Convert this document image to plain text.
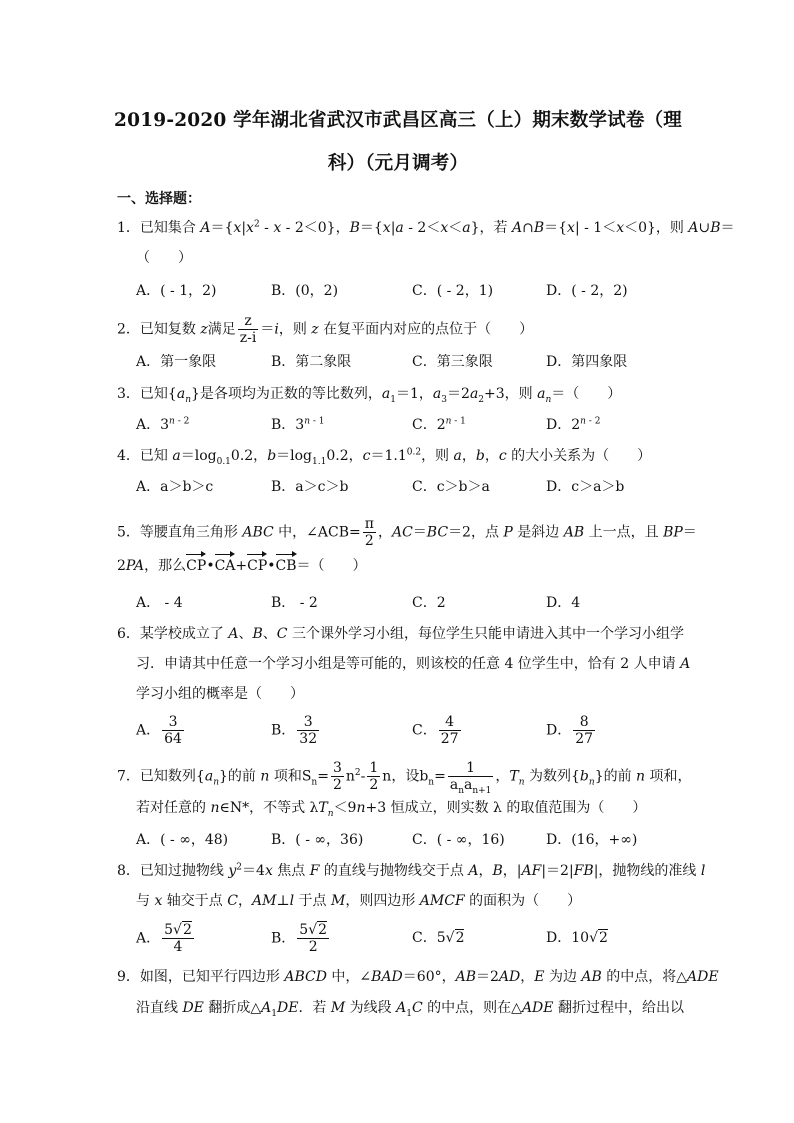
2019-2020 学年湖北省武汉市武昌区高三（上）期末数学试卷（理
科）（元月调考）
一、选择题：
1．已知集合 $A=\{x|x^2 - x - 2<0\}$，B＝{x|a - 2＜x＜a}，若 A∩B＝{x| - 1＜x＜0}，则 A∪B＝
（　　）
A．( - 1，2)	B．(0，2)	C．( - 2，1)	D．( - 2，2)
2．已知复数 z满足 $\frac{z}{z-i} =i$，则 z 在复平面内对应的点位于（　　）
A．第一象限	B．第二象限	C．第三象限	D．第四象限
3．已知$\{a_n\}$是各项均为正数的等比数列，$a_1=1$，$a_3=2a_2+3$，则 $a_n=$（　　）
A．3$^{n - 2}$	B．3$^{n - 1}$	C．2$^{n - 1}$	D．2$^{n - 2}$
4．已知 $a=\log_{0.1}0.2$，$b=\log_{1.1}0.2$，$c=1.1^{0.2}$，则 a，b，c 的大小关系为（　　）
A．a＞b＞c	B．a＞c＞b	C．c＞b＞a	D．c＞a＞b
5．等腰直角三角形 ABC 中，∠ACB= $\frac{\pi}{2}$ ，AC＝BC＝2，点 P 是斜边 AB 上一点，且 BP＝
2PA，那么CP•CA+CP•CB＝（　　）
A． - 4	B． - 2	C．2	D．4
6．某学校成立了 A、B、C 三个课外学习小组，每位学生只能申请进入其中一个学习小组学
习．申请其中任意一个学习小组是等可能的，则该校的任意 4 位学生中，恰有 2 人申请 A
学习小组的概率是（　　）
A． $\frac{3}{64}$	B． $\frac{3}{32}$	C． $\frac{4}{27}$	D． $\frac{8}{27}$
7．已知数列$\{a_n\}$的前 n 项和$S_n= \frac{3}{2} n^2- \frac{1}{2}$ n，设$b_n= \frac{1}{a_na_{n+1}}$ ，$T_n$ 为数列$\{b_n\}$的前 n 项和，
若对任意的 n∈N*，不等式 $\lambda T_n<9n+3$ 恒成立，则实数 λ 的取值范围为（　　）
A．( - ∞，48)	B．( - ∞，36)	C．( - ∞，16)	D．(16，+∞)
8．已知过抛物线 $y^2=4x$ 焦点 F 的直线与抛物线交于点 A，B，|AF|＝2|FB|，抛物线的准线 l
与 x 轴交于点 C，AM⊥l 于点 M，则四边形 AMCF 的面积为（　　）
A． $\frac{5√2}{4}$	B． $\frac{5√2}{2}$	C．5√2	D．10√2
9．如图，已知平行四边形 ABCD 中，∠BAD＝60°，AB＝2AD，E 为边 AB 的中点，将△ADE
沿直线 DE 翻折成$\triangle A_1DE$．若 M 为线段 $A_1C$ 的中点，则在△ADE 翻折过程中，给出以
